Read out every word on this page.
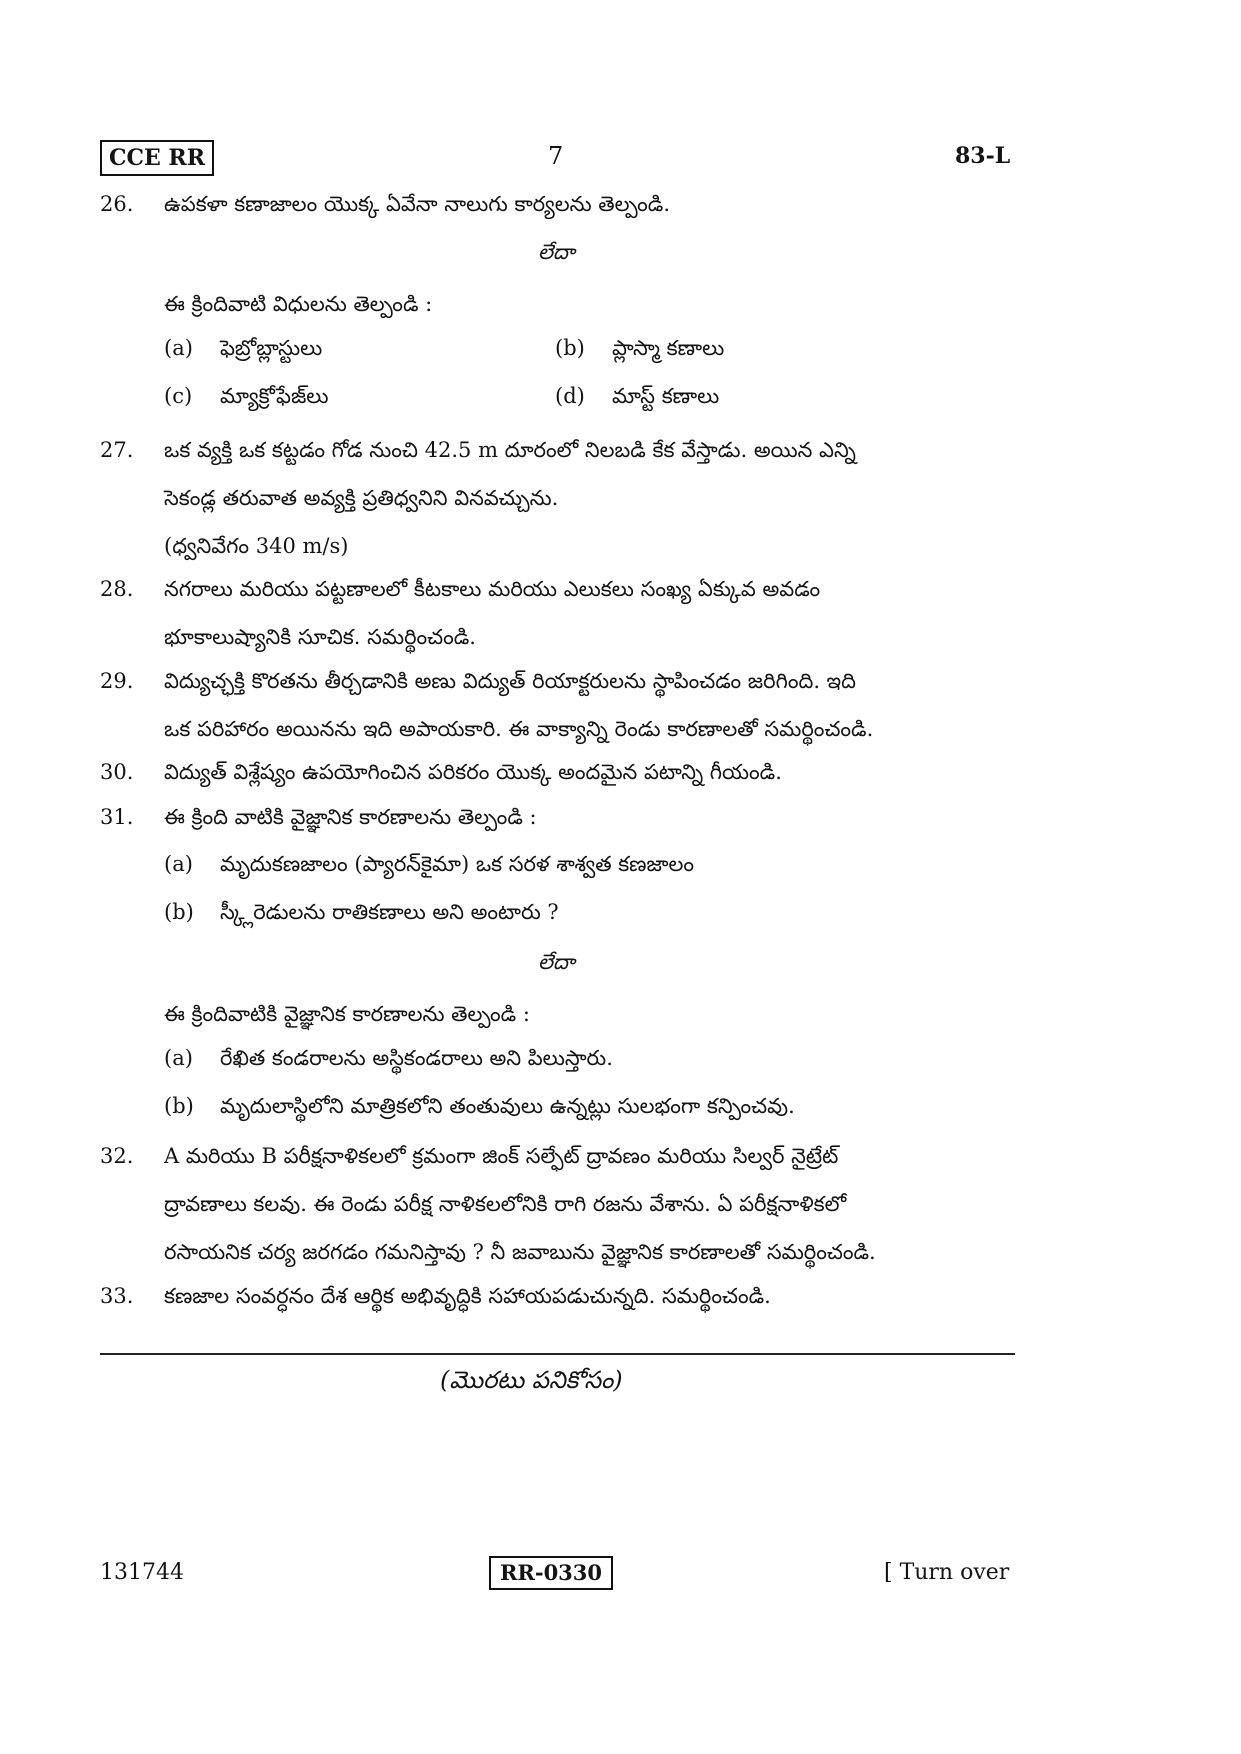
CCE RR	7	83-L
26. ఉపకళా కణాజాలం యొక్క ఏవేనా నాలుగు కార్యలను తెల్పండి.
లేదా
ఈ క్రిందివాటి విధులను తెల్పండి :
(a) ఫెబ్రోబ్లాస్టులు	(b) ప్లాస్మా కణాలు
(c) మ్యాక్రోఫేజ్‌లు	(d) మాస్ట్ కణాలు
27. ఒక వ్యక్తి ఒక కట్టడం గోడ నుంచి 42.5 m దూరంలో నిలబడి కేక వేస్తాడు. అయిన ఎన్ని
సెకండ్ల తరువాత అవ్యక్తి ప్రతిధ్వనిని వినవచ్చును.
(ధ్వనివేగం 340 m/s)
28. నగరాలు మరియు పట్టణాలలో కీటకాలు మరియు ఎలుకలు సంఖ్య ఏక్కువ అవడం
భూకాలుష్యానికి సూచిక. సమర్థించండి.
29. విద్యుచ్ఛక్తి కొరతను తీర్చడానికి అణు విద్యుత్ రియాక్టరులను స్థాపించడం జరిగింది. ఇది
ఒక పరిహారం అయినను ఇది అపాయకారి. ఈ వాక్యాన్ని రెండు కారణాలతో సమర్థించండి.
30. విద్యుత్ విశ్లేష్యం ఉపయోగించిన పరికరం యొక్క అందమైన పటాన్ని గీయండి.
31. ఈ క్రింది వాటికి వైజ్ఞానిక కారణాలను తెల్పండి :
(a) మృదుకణజాలం (ప్యారన్‌కైమా) ఒక సరళ శాశ్వత కణజాలం
(b) స్క్లీరెడులను రాతికణాలు అని అంటారు ?
లేదా
ఈ క్రిందివాటికి వైజ్ఞానిక కారణాలను తెల్పండి :
(a) రేఖిత కండరాలను అస్థికండరాలు అని పిలుస్తారు.
(b) మృదులాస్థిలోని మాత్రికలోని తంతువులు ఉన్నట్లు సులభంగా కన్పించవు.
32. A మరియు B పరీక్షనాళికలలో క్రమంగా జింక్ సల్ఫేట్ ద్రావణం మరియు సిల్వర్ నైట్రేట్
ద్రావణాలు కలవు. ఈ రెండు పరీక్ష నాళికలలోనికి రాగి రజను వేశాను. ఏ పరీక్షనాళికలో
రసాయనిక చర్య జరగడం గమనిస్తావు ? నీ జవాబును వైజ్ఞానిక కారణాలతో సమర్థించండి.
33. కణజాల సంవర్ధనం దేశ ఆర్థిక అభివృద్ధికి సహాయపడుచున్నది. సమర్థించండి.
(మొరటు పనికోసం)
131744	RR-0330	[ Turn over
